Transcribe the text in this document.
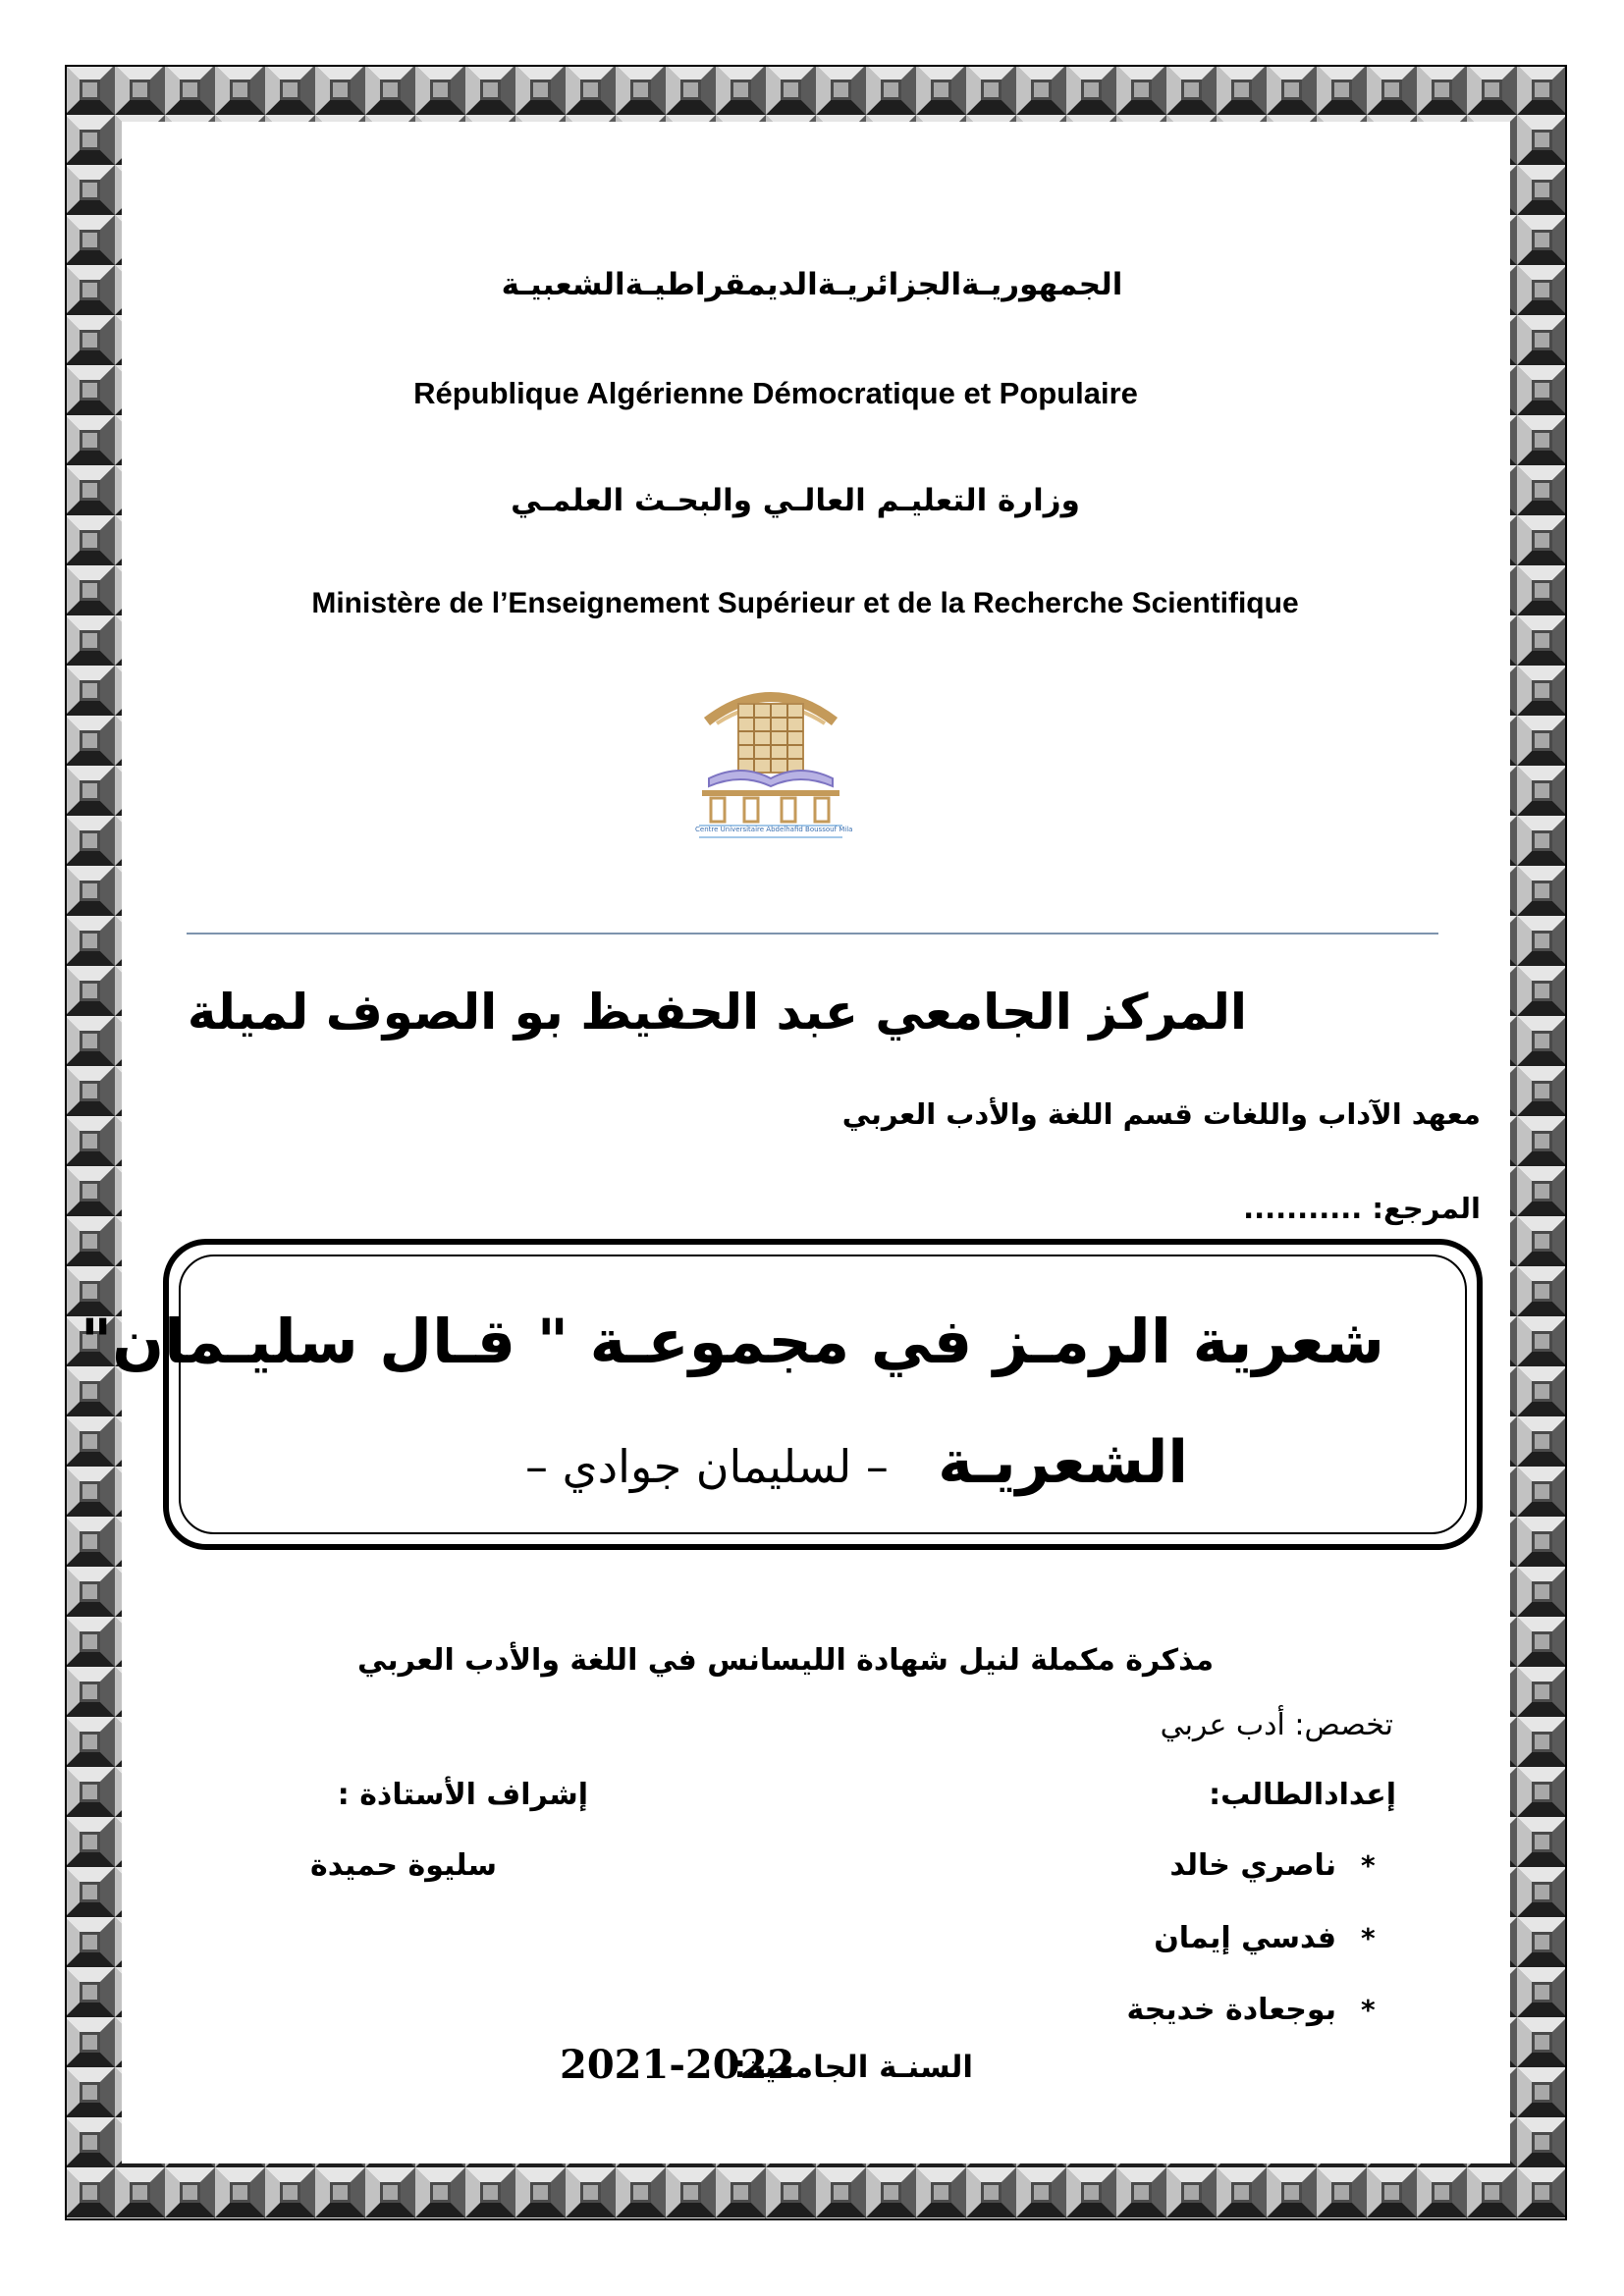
الجمهوريـةالجزائريـةالديمقراطيـةالشعبيـة
République Algérienne Démocratique et Populaire
وزارة التعليـم العالـي والبحـث العلمـي
Ministère de l’Enseignement Supérieur et de la Recherche Scientifique
Centre Universitaire Abdelhafid Boussouf Mila
المركز الجامعي عبد الحفيظ بو الصوف لميلة
معهد الآداب واللغات قسم اللغة والأدب العربي
المرجع: ...........
شعرية الرمـز في مجموعـة " قـال سليـمان"
الشعريـة
– لسليمان جوادي –
مذكرة مكملة لنيل شهادة الليسانس في اللغة والأدب العربي
تخصص: أدب عربي
إعدادالطالب:
إشراف الأستاذة :
سليوة حميدة	*
ناصري خالد
*
فدسي إيمان
*
بوجعادة خديجة
السنـة الجامعية:
2021-2022
